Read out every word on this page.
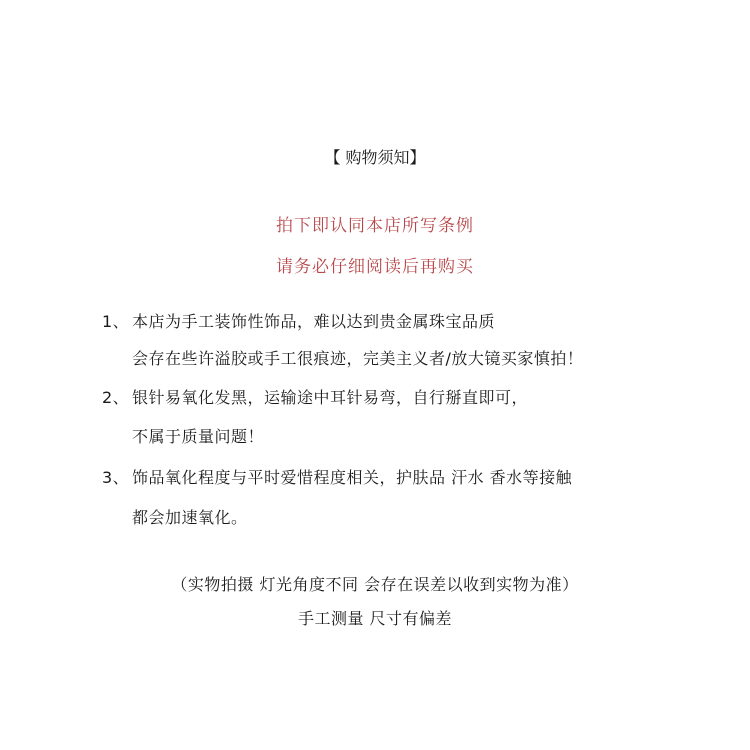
【 购物须知】
拍下即认同本店所写条例
请务必仔细阅读后再购买
1、 本店为手工装饰性饰品，难以达到贵金属珠宝品质
会存在些许溢胶或手工很痕迹，完美主义者/放大镜买家慎拍！
2、 银针易氧化发黑，运输途中耳针易弯，自行掰直即可，
不属于质量问题！
3、 饰品氧化程度与平时爱惜程度相关，护肤品 汗水 香水等接触
都会加速氧化。
（实物拍摄 灯光角度不同 会存在误差以收到实物为准）
手工测量 尺寸有偏差
